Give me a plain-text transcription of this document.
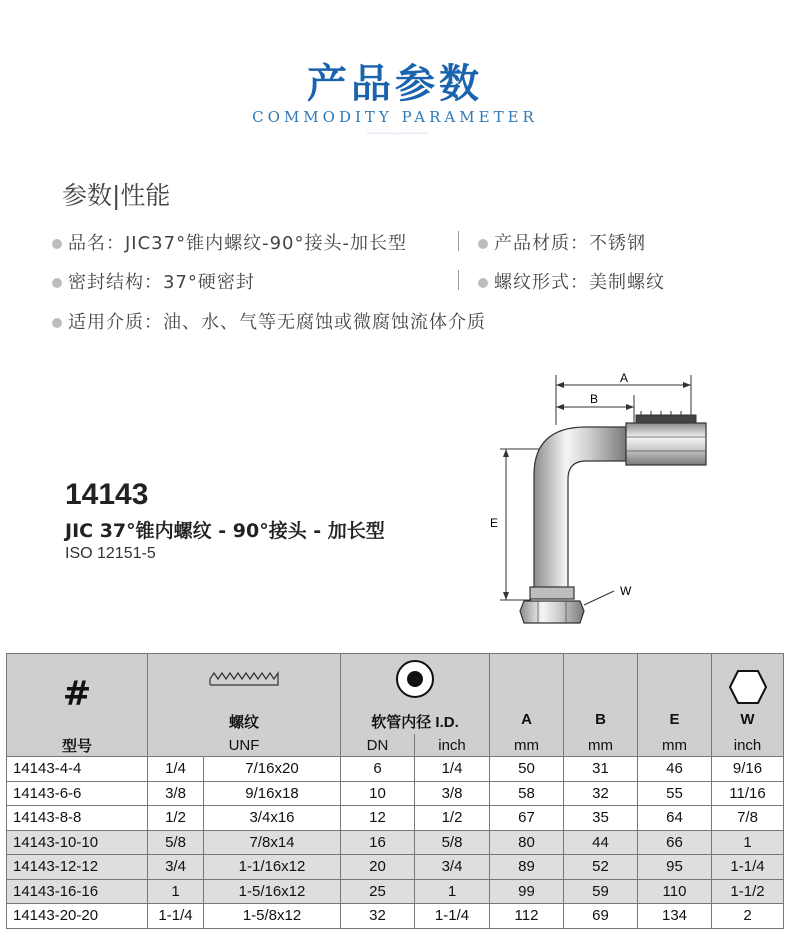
产品参数
COMMODITY PARAMETER
参数|性能
品名：JIC37°锥内螺纹-90°接头-加长型	产品材质：不锈钢
密封结构：37°硬密封	螺纹形式：美制螺纹
适用介质：油、水、气等无腐蚀或微腐蚀流体介质
14143
JIC 37°锥内螺纹 - 90°接头 - 加长型
ISO 12151-5
A
B
E
W
#					A	B	E	W

	螺纹		软管内径 I.D.					
型号	UNF		DN	inch	mm	mm	mm	inch
14143-4-4	1/4	7/16x20	6	1/4	50	31	46	9/16
14143-6-6	3/8	9/16x18	10	3/8	58	32	55	11/16
14143-8-8	1/2	3/4x16	12	1/2	67	35	64	7/8
14143-10-10	5/8	7/8x14	16	5/8	80	44	66	1
14143-12-12	3/4	1-1/16x12	20	3/4	89	52	95	1-1/4
14143-16-16	1	1-5/16x12	25	1	99	59	110	1-1/2
14143-20-20	1-1/4	1-5/8x12	32	1-1/4	112	69	134	2
